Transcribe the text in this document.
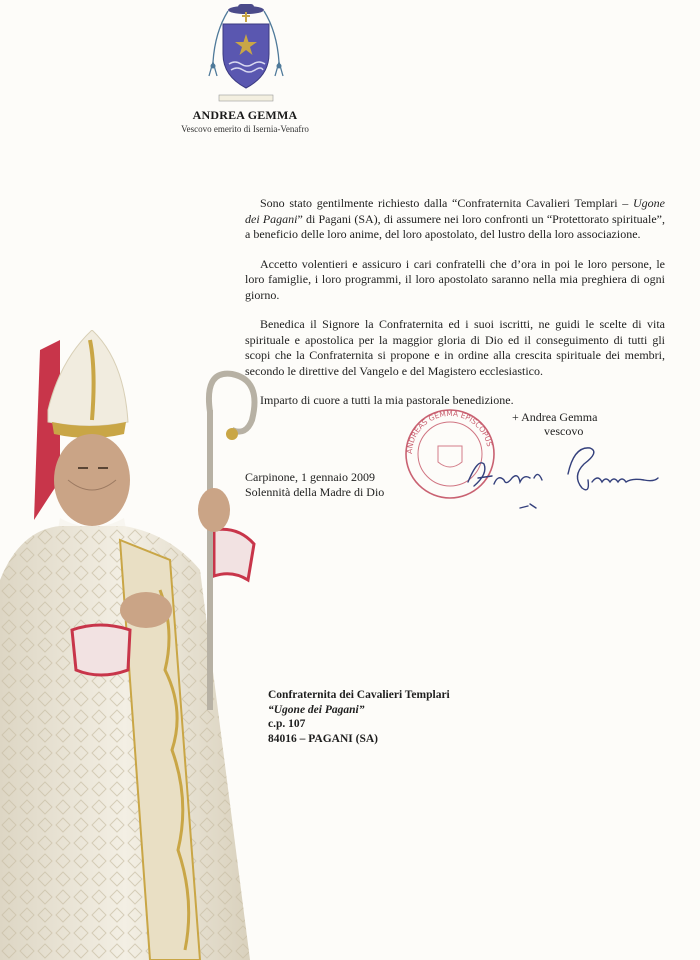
ANDREA GEMMA
Vescovo emerito di Isernia-Venafro

Sono stato gentilmente richiesto dalla “Confraternita Cavalieri Templari – Ugone dei Pagani” di Pagani (SA), di assumere nei loro confronti un “Protettorato spirituale”, a beneficio delle loro anime, del loro apostolato, del lustro della loro associazione.

Accetto volentieri e assicuro i cari confratelli che d’ora in poi le loro persone, le loro famiglie, i loro programmi, il loro apostolato saranno nella mia preghiera di ogni giorno.

Benedica il Signore la Confraternita ed i suoi iscritti, ne guidi le scelte di vita spirituale e apostolica per la maggior gloria di Dio ed il conseguimento di tutti gli scopi che la Confraternita si propone e in ordine alla crescita spirituale dei membri, secondo le direttive del Vangelo e del Magistero ecclesiastico.

Imparto di cuore a tutti la mia pastorale benedizione.

ANDREAS GEMMA EPISCOPUS
+ Andrea Gemma
vescovo
Carpinone, 1 gennaio 2009
Solennità della Madre di Dio
Confraternita dei Cavalieri Templari
“Ugone dei Pagani”
c.p. 107
84016 – PAGANI (SA)
